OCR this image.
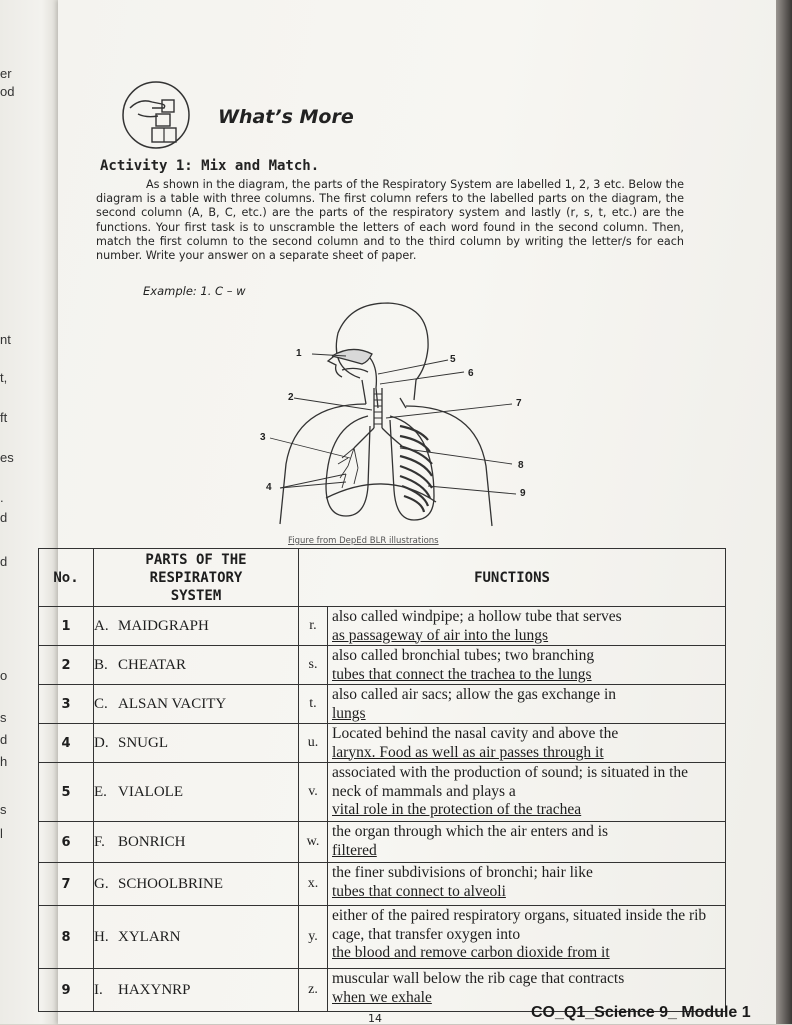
er
od
nt
t,
ft
es
.
d
d
o
s
d
h
s
l
What’s More
Activity 1: Mix and Match.
As shown in the diagram, the parts of the Respiratory System are labelled 1, 2, 3 etc. Below the diagram is a table with three columns. The first column refers to the labelled parts on the diagram, the second column (A, B, C, etc.) are the parts of the respiratory system and lastly (r, s, t, etc.) are the functions. Your first task is to unscramble the letters of each word found in the second column. Then, match the first column to the second column and to the third column by writing the letter/s for each number. Write your answer on a separate sheet of paper.
Example: 1. C – w
1
2
3
4
5
6
7
8
9
Figure from DepEd BLR illustrations
No.	PARTS OF THE
RESPIRATORY
SYSTEM	FUNCTIONS
1	A. MAIDGRAPH	r.
also called windpipe; a hollow tube that serves
as passageway of air into the lungs

2	B. CHEATAR	s.
also called bronchial tubes; two branching
tubes that connect the trachea to the lungs

3	C. ALSAN VACITY	t.
also called air sacs; allow the gas exchange in
lungs

4	D. SNUGL	u.
Located behind the nasal cavity and above the
larynx. Food as well as air passes through it

5	E. VIALOLE	v.
associated with the production of sound; is situated in the neck of mammals and plays a
vital role in the protection of the trachea

6	F. BONRICH	w.
the organ through which the air enters and is
filtered

7	G. SCHOOLBRINE	x.
the finer subdivisions of bronchi; hair like
tubes that connect to alveoli

8	H. XYLARN	y.
either of the paired respiratory organs, situated inside the rib cage, that transfer oxygen into
the blood and remove carbon dioxide from it

9	I. HAXYNRP	z.
muscular wall below the rib cage that contracts
when we exhale
14	CO_Q1_Science 9_ Module 1
